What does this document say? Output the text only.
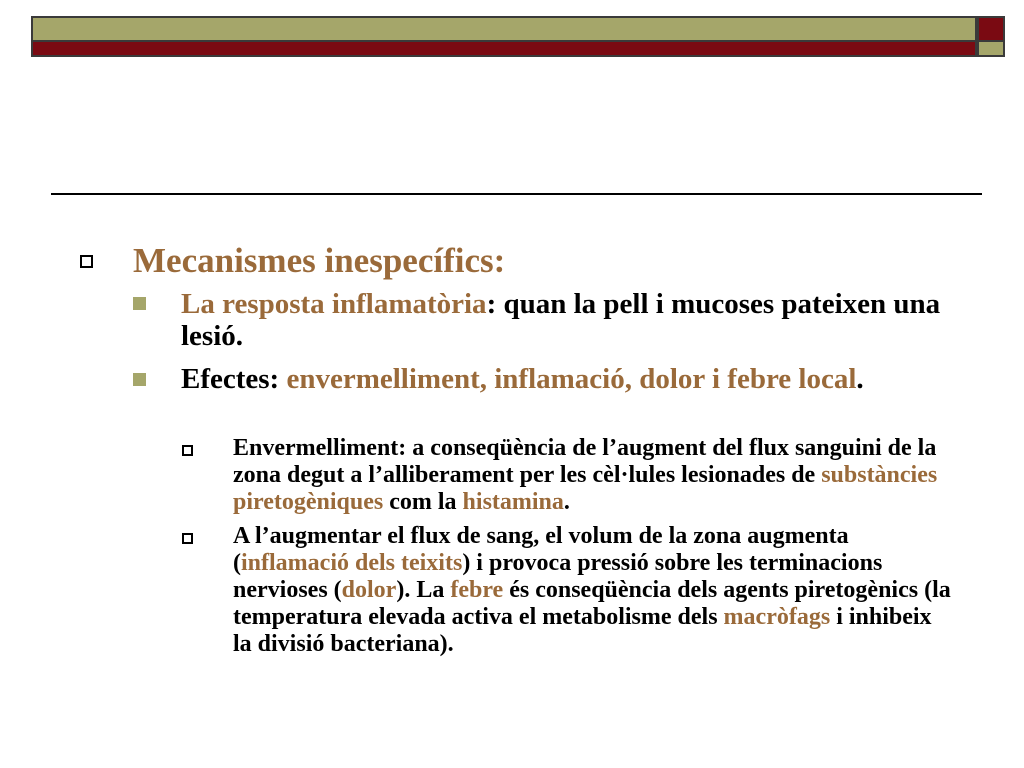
Mecanismes inespecífics:
La resposta inflamatòria: quan la pell i mucoses pateixen una lesió.
Efectes: envermelliment, inflamació, dolor i febre local.
Envermelliment: a conseqüència de l’augment del flux sanguini de la zona degut a l’alliberament per les cèl·lules lesionades de substàncies piretogèniques com la histamina.
A l’augmentar el flux de sang, el volum de la zona augmenta (inflamació dels teixits) i provoca pressió sobre les terminacions nervioses (dolor). La febre és conseqüència dels agents piretogènics (la temperatura elevada activa el metabolisme dels macròfags i inhibeix la divisió bacteriana).
